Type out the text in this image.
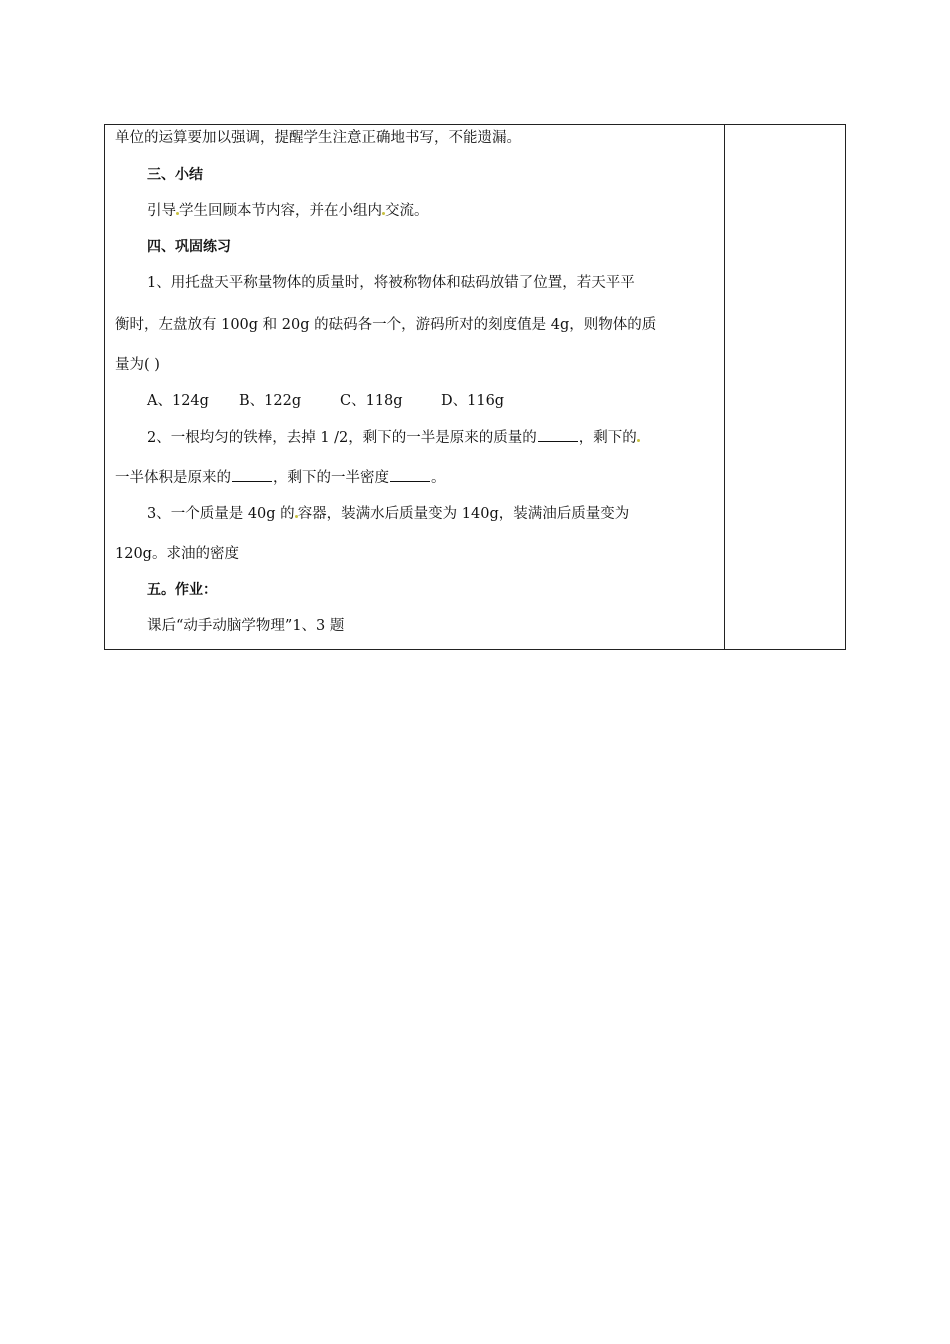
单位的运算要加以强调，提醒学生注意正确地书写，不能遗漏。
三、小结
引导 学生回顾本节内容，并在小组内 交流。
四、巩固练习
1、用托盘天平称量物体的质量时，将被称物体和砝码放错了位置，若天平平
衡时，左盘放有 100g 和 20g 的砝码各一个，游码所对的刻度值是 4g，则物体的质
量为( )
A、124g B、122g	C、118g	D、116g
2、一根均匀的铁棒，去掉 1 /2，剩下的一半是原来的质量的	，剩下的
一半体积是原来的	，剩下的一半密度	。
3、一个质量是 40g 的 容器，装满水后质量变为 140g，装满油后质量变为
120g。求油的密度
五。作业：
课后“动手动脑学物理”1、3 题
